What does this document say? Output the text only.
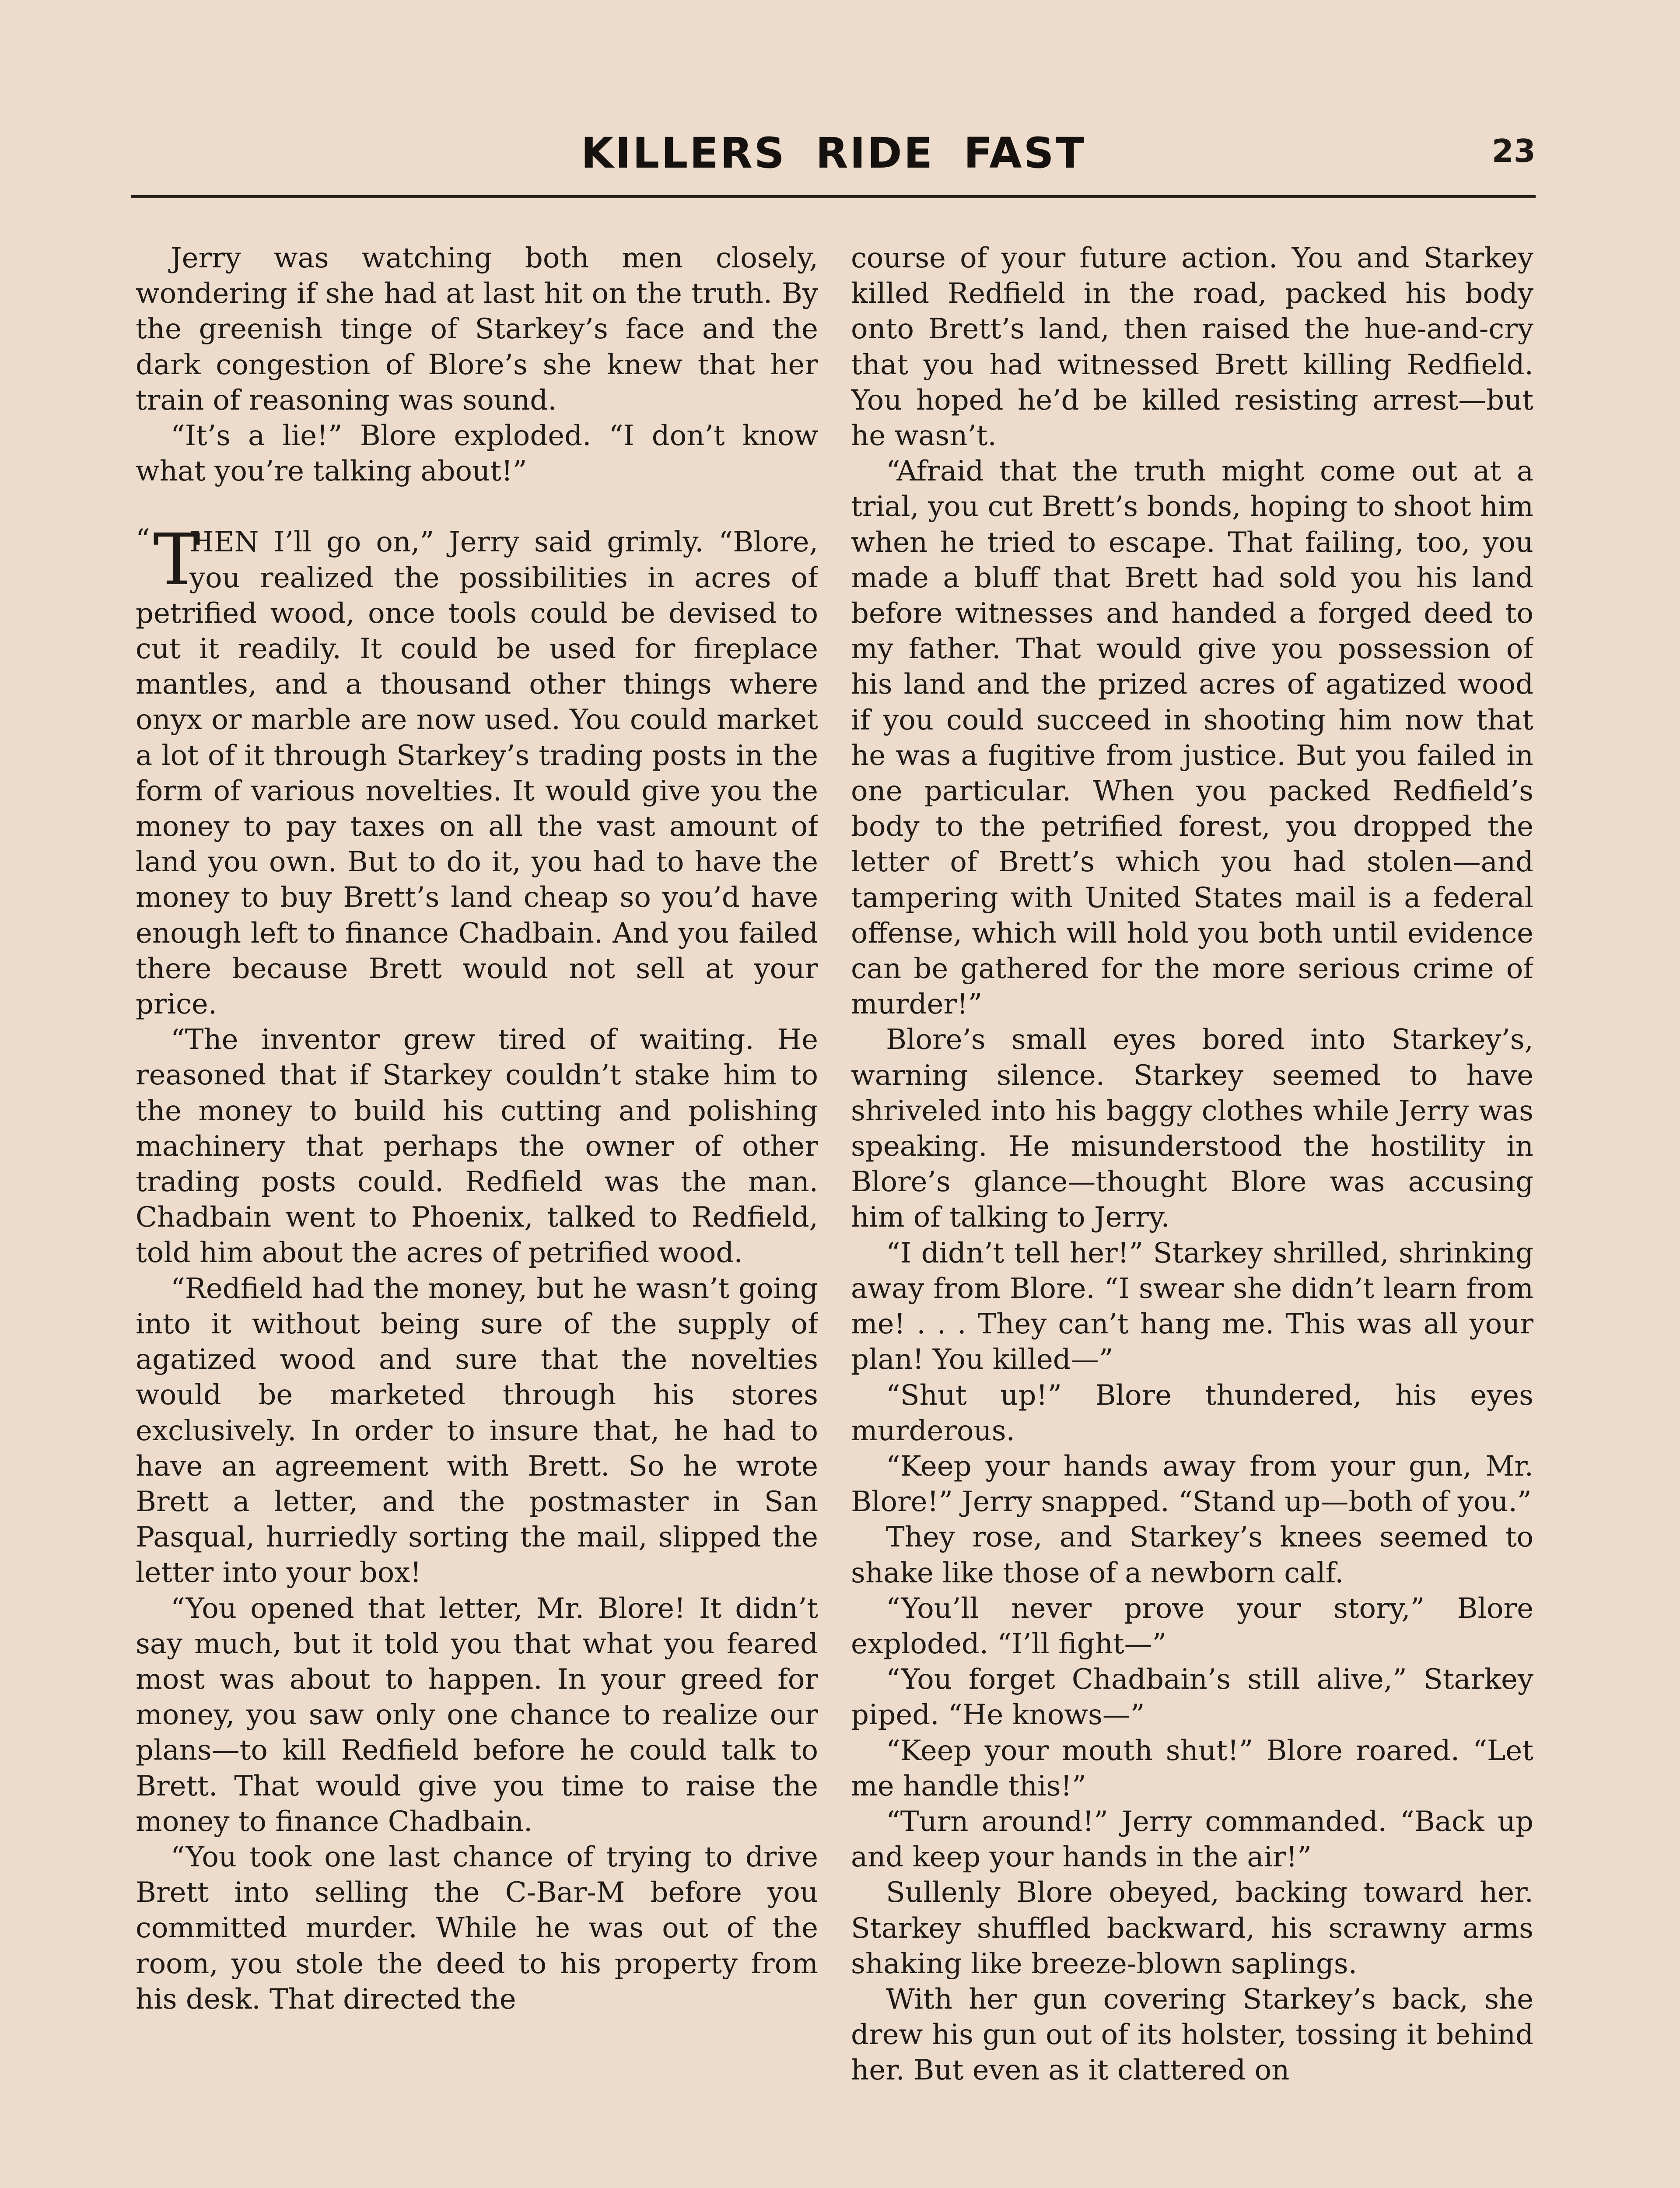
KILLERS RIDE FAST	23

Jerry was watching both men closely, wondering if she had at last hit on the truth. By the greenish tinge of Starkey’s face and the dark congestion of Blore’s she knew that her train of reasoning was sound.

“It’s a lie!” Blore exploded. “I don’t know what you’re talking about!”

“ T
HEN I’ll go on,” Jerry said grimly. “Blore, you realized the possibilities in acres of petrified wood, once tools could be devised to cut it readily. It could be used for fireplace mantles, and a thousand other things where onyx or marble are now used. You could market a lot of it through Starkey’s trading posts in the form of various novelties. It would give you the money to pay taxes on all the vast amount of land you own. But to do it, you had to have the money to buy Brett’s land cheap so you’d have enough left to finance Chadbain. And you failed there because Brett would not sell at your price.

“The inventor grew tired of waiting. He reasoned that if Starkey couldn’t stake him to the money to build his cutting and polishing machinery that perhaps the owner of other trading posts could. Redfield was the man. Chadbain went to Phoenix, talked to Redfield, told him about the acres of petrified wood.

“Redfield had the money, but he wasn’t going into it without being sure of the supply of agatized wood and sure that the novelties would be marketed through his stores exclusively. In order to insure that, he had to have an agreement with Brett. So he wrote Brett a letter, and the postmaster in San Pasqual, hurriedly sorting the mail, slipped the letter into your box!

“You opened that letter, Mr. Blore! It didn’t say much, but it told you that what you feared most was about to happen. In your greed for money, you saw only one chance to realize our plans—to kill Redfield before he could talk to Brett. That would give you time to raise the money to finance Chadbain.

“You took one last chance of trying to drive Brett into selling the C-Bar-M before you committed murder. While he was out of the room, you stole the deed to his property from his desk. That directed the

course of your future action. You and Starkey killed Redfield in the road, packed his body onto Brett’s land, then raised the hue-and-cry that you had witnessed Brett killing Redfield. You hoped he’d be killed resisting arrest—but he wasn’t.

“Afraid that the truth might come out at a trial, you cut Brett’s bonds, hoping to shoot him when he tried to escape. That failing, too, you made a bluff that Brett had sold you his land before witnesses and handed a forged deed to my father. That would give you possession of his land and the prized acres of agatized wood if you could succeed in shooting him now that he was a fugitive from justice. But you failed in one particular. When you packed Redfield’s body to the petrified forest, you dropped the letter of Brett’s which you had stolen—and tampering with United States mail is a federal offense, which will hold you both until evidence can be gathered for the more serious crime of murder!”

Blore’s small eyes bored into Starkey’s, warning silence. Starkey seemed to have shriveled into his baggy clothes while Jerry was speaking. He misunderstood the hostility in Blore’s glance—thought Blore was accusing him of talking to Jerry.

“I didn’t tell her!” Starkey shrilled, shrinking away from Blore. “I swear she didn’t learn from me! . . . They can’t hang me. This was all your plan! You killed—”

“Shut up!” Blore thundered, his eyes murderous.

“Keep your hands away from your gun, Mr. Blore!” Jerry snapped. “Stand up—both of you.”

They rose, and Starkey’s knees seemed to shake like those of a newborn calf.

“You’ll never prove your story,” Blore exploded. “I’ll fight—”

“You forget Chadbain’s still alive,” Starkey piped. “He knows—”

“Keep your mouth shut!” Blore roared. “Let me handle this!”

“Turn around!” Jerry commanded. “Back up and keep your hands in the air!”

Sullenly Blore obeyed, backing toward her. Starkey shuffled backward, his scrawny arms shaking like breeze-blown saplings.

With her gun covering Starkey’s back, she drew his gun out of its holster, tossing it behind her. But even as it clattered on
